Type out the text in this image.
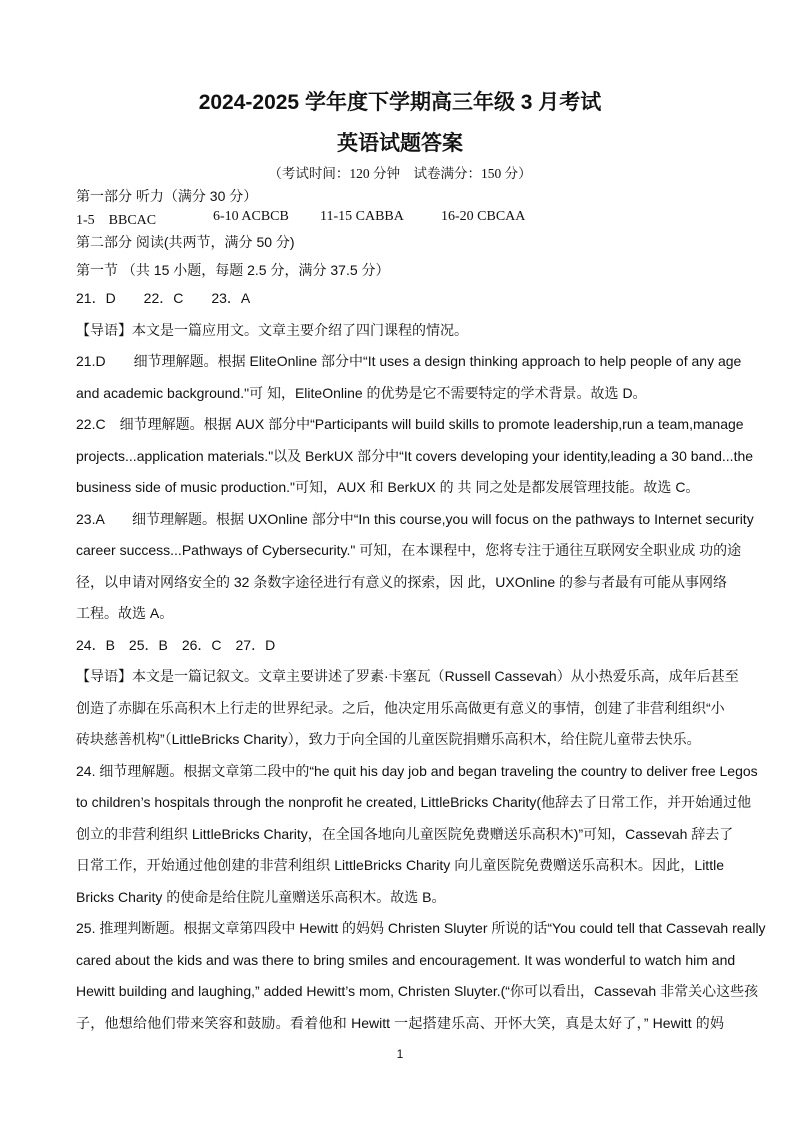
2024-2025 学年度下学期高三年级 3 月考试
英语试题答案
（考试时间：120 分钟　试卷满分：150 分）
第一部分 听力（满分 30 分）
1-5　BBCAC	6-10 ACBCB 11-15 CABBA	16-20 CBCAA
第二部分 阅读(共两节，满分 50 分)
第一节 （共 15 小题，每题 2.5 分，满分 37.5 分）
21．D　　22．C　　23．A
【导语】本文是一篇应用文。文章主要介绍了四门课程的情况。
21.D　　细节理解题。根据 EliteOnline 部分中“It uses a design thinking approach to help people of any age
and academic background."可 知，EliteOnline 的优势是它不需要特定的学术背景。故选 D。
22.C　细节理解题。根据 AUX 部分中“Participants will build skills to promote leadership,run a team,manage
projects...application materials."以及 BerkUX 部分中“It covers developing your identity,leading a 30 band...the
business side of music production."可知，AUX 和 BerkUX 的 共 同之处是都发展管理技能。故选 C。
23.A　　细节理解题。根据 UXOnline 部分中“In this course,you will focus on the pathways to Internet security
career success...Pathways of Cybersecurity." 可知，在本课程中，您将专注于通往互联网安全职业成 功的途
径，以申请对网络安全的 32 条数字途径进行有意义的探索，因 此，UXOnline 的参与者最有可能从事网络
工程。故选 A。
24．B　25．B　26．C　27．D
【导语】本文是一篇记叙文。文章主要讲述了罗素·卡塞瓦（Russell Cassevah）从小热爱乐高，成年后甚至
创造了赤脚在乐高积木上行走的世界纪录。之后，他决定用乐高做更有意义的事情，创建了非营利组织“小
砖块慈善机构”（LittleBricks Charity），致力于向全国的儿童医院捐赠乐高积木，给住院儿童带去快乐。
24. 细节理解题。根据文章第二段中的“he quit his day job and began traveling the country to deliver free Legos
to children’s hospitals through the nonprofit he created, LittleBricks Charity(他辞去了日常工作，并开始通过他
创立的非营利组织 LittleBricks Charity，在全国各地向儿童医院免费赠送乐高积木)”可知，Cassevah 辞去了
日常工作，开始通过他创建的非营利组织 LittleBricks Charity 向儿童医院免费赠送乐高积木。因此，Little
Bricks Charity 的使命是给住院儿童赠送乐高积木。故选 B。
25. 推理判断题。根据文章第四段中 Hewitt 的妈妈 Christen Sluyter 所说的话“You could tell that Cassevah really
cared about the kids and was there to bring smiles and encouragement. It was wonderful to watch him and
Hewitt building and laughing,” added Hewitt’s mom, Christen Sluyter.(“你可以看出，Cassevah 非常关心这些孩
子，他想给他们带来笑容和鼓励。看着他和 Hewitt 一起搭建乐高、开怀大笑，真是太好了，” Hewitt 的妈
1
